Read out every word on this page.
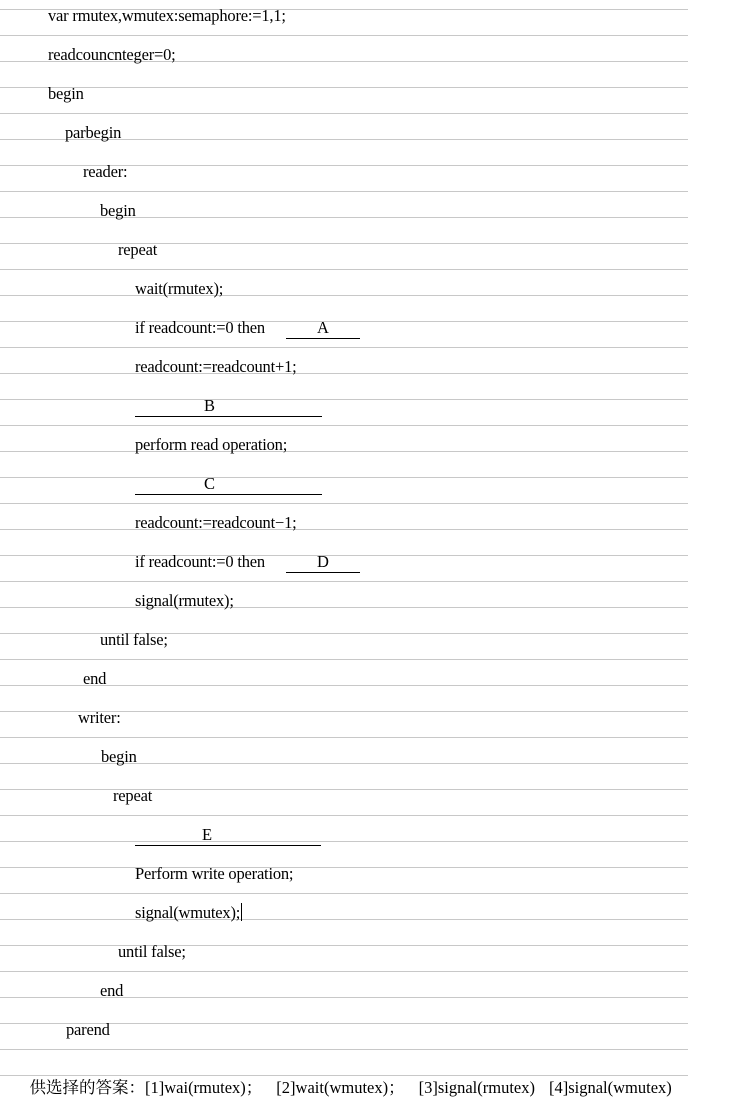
var rmutex,wmutex:semaphore:=1,1;
readcouncnteger=0;
begin
parbegin
reader:
begin
repeat
wait(rmutex);
if readcount:=0 then	A
readcount:=readcount+1;
B
perform read operation;
C
readcount:=readcount−1;
if readcount:=0 then	D
signal(rmutex);
until false;
end
writer:
begin
repeat
E
Perform write operation;
signal(wmutex);
until false;
end
parend

供选择的答案：[1]wai(rmutex)； [2]wait(wmutex)； [3]signal(rmutex) [4]signal(wmutex)
